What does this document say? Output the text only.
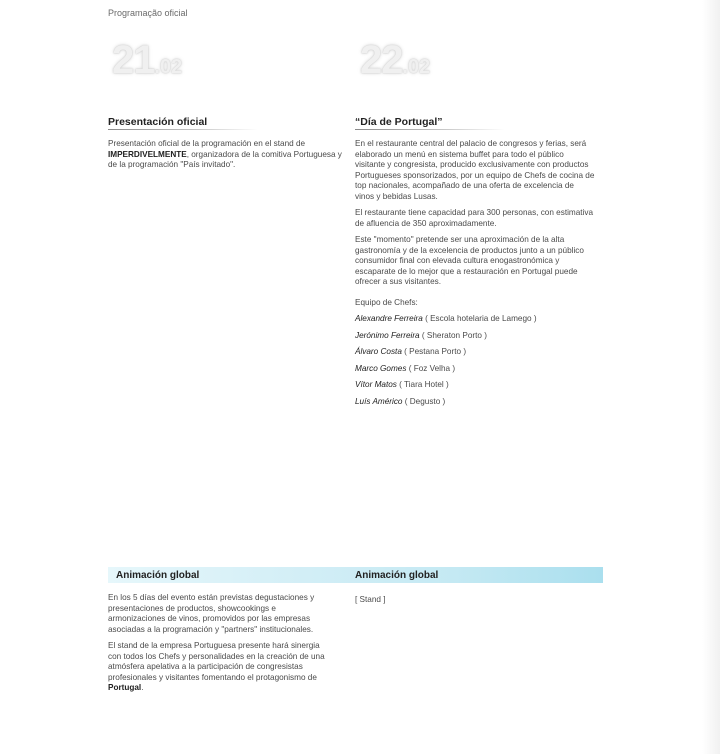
Programação oficial
21.02
Presentación oficial

Presentación oficial de la programación en el stand de IMPERDIVELMENTE, organizadora de la comitiva Portuguesa y de la programación "País invitado".

22.02
“Día de Portugal”

En el restaurante central del palacio de congresos y ferias, será elaborado un menú en sistema buffet para todo el público visitante y congresista, producido exclusivamente con productos Portugueses sponsorizados, por un equipo de Chefs de cocina de top nacionales, acompañado de una oferta de excelencia de vinos y bebidas Lusas.

El restaurante tiene capacidad para 300 personas, con estimativa de afluencia de 350 aproximadamente.

Este "momento" pretende ser una aproximación de la alta gastronomía y de la excelencia de productos junto a un público consumidor final con elevada cultura enogastronómica y escaparate de lo mejor que a restauración en Portugal puede ofrecer a sus visitantes.

Equipo de Chefs:

Alexandre Ferreira ( Escola hotelaria de Lamego )
Jerónimo Ferreira ( Sheraton Porto )
Álvaro Costa ( Pestana Porto )
Marco Gomes ( Foz Velha )
Vítor Matos ( Tiara Hotel )
Luís Américo ( Degusto )
Animación global	Animación global

En los 5 días del evento están previstas degustaciones y presentaciones de productos, showcookings e armonizaciones de vinos, promovidos por las empresas asociadas a la programación y "partners" institucionales.

El stand de la empresa Portuguesa presente hará sinergia con todos los Chefs y personalidades en la creación de una atmósfera apelativa a la participación de congresistas profesionales y visitantes fomentando el protagonismo de Portugal.

[ Stand ]
